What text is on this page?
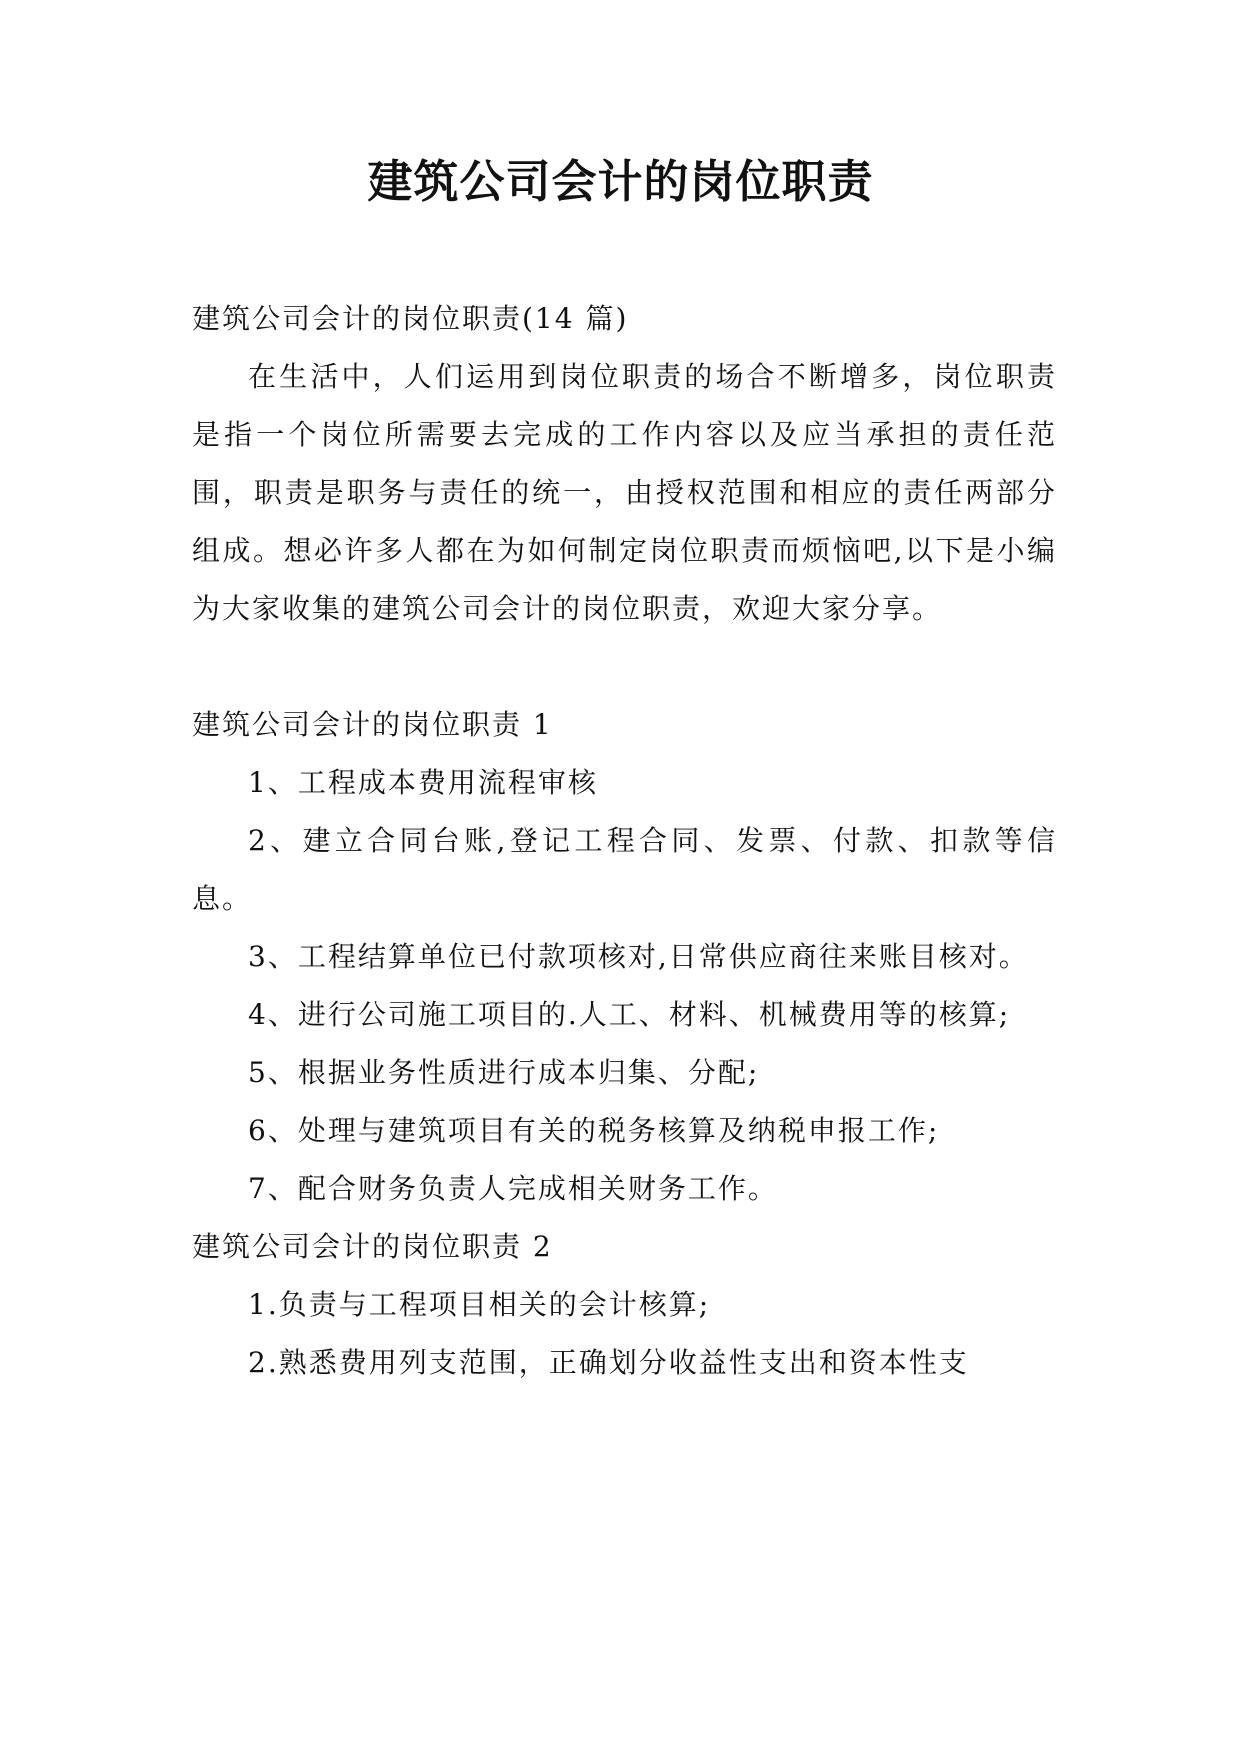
建筑公司会计的岗位职责

建筑公司会计的岗位职责(14 篇)

在生活中，人们运用到岗位职责的场合不断增多，岗位职责是指一个岗位所需要去完成的工作内容以及应当承担的责任范围，职责是职务与责任的统一，由授权范围和相应的责任两部分组成。想必许多人都在为如何制定岗位职责而烦恼吧,以下是小编为大家收集的建筑公司会计的岗位职责，欢迎大家分享。

建筑公司会计的岗位职责 1

1、工程成本费用流程审核

2、建立合同台账,登记工程合同、发票、付款、扣款等信息。

3、工程结算单位已付款项核对,日常供应商往来账目核对。

4、进行公司施工项目的.人工、材料、机械费用等的核算;

5、根据业务性质进行成本归集、分配;

6、处理与建筑项目有关的税务核算及纳税申报工作;

7、配合财务负责人完成相关财务工作。

建筑公司会计的岗位职责 2

1.负责与工程项目相关的会计核算;

2.熟悉费用列支范围，正确划分收益性支出和资本性支
